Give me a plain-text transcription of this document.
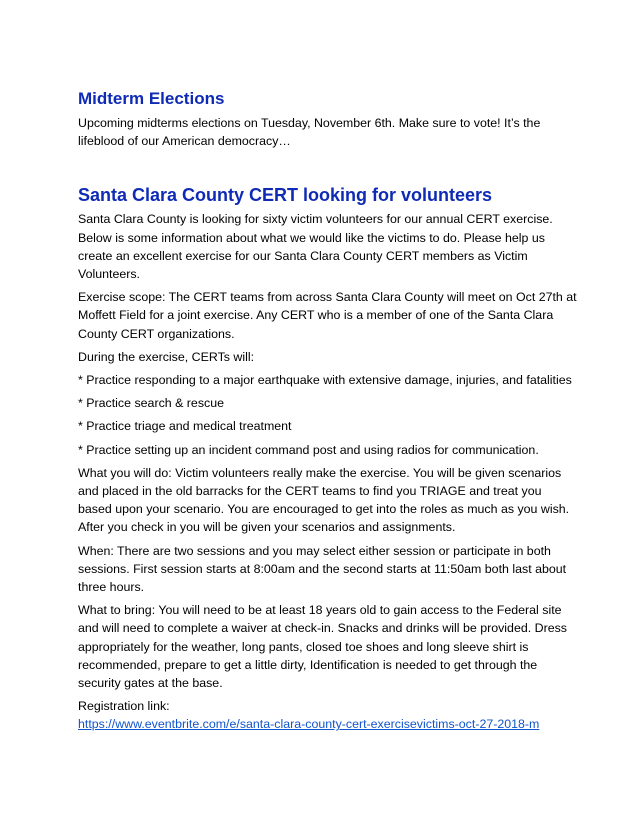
Midterm Elections

Upcoming midterms elections on Tuesday, November 6th. Make sure to vote! It’s the lifeblood of our American democracy…

Santa Clara County CERT looking for volunteers

Santa Clara County is looking for sixty victim volunteers for our annual CERT exercise. Below is some information about what we would like the victims to do. Please help us create an excellent exercise for our Santa Clara County CERT members as Victim Volunteers.

Exercise scope: The CERT teams from across Santa Clara County will meet on Oct 27th at Moffett Field for a joint exercise. Any CERT who is a member of one of the Santa Clara County CERT organizations.

During the exercise, CERTs will:

* Practice responding to a major earthquake with extensive damage, injuries, and fatalities

* Practice search & rescue

* Practice triage and medical treatment

* Practice setting up an incident command post and using radios for communication.

What you will do: Victim volunteers really make the exercise. You will be given scenarios and placed in the old barracks for the CERT teams to find you TRIAGE and treat you based upon your scenario. You are encouraged to get into the roles as much as you wish. After you check in you will be given your scenarios and assignments.

When: There are two sessions and you may select either session or participate in both sessions. First session starts at 8:00am and the second starts at 11:50am both last about three hours.

What to bring: You will need to be at least 18 years old to gain access to the Federal site and will need to complete a waiver at check-in. Snacks and drinks will be provided. Dress appropriately for the weather, long pants, closed toe shoes and long sleeve shirt is recommended, prepare to get a little dirty, Identification is needed to get through the security gates at the base.

Registration link:

https://www.eventbrite.com/e/santa-clara-county-cert-exercisevictims-oct-27-2018-m
